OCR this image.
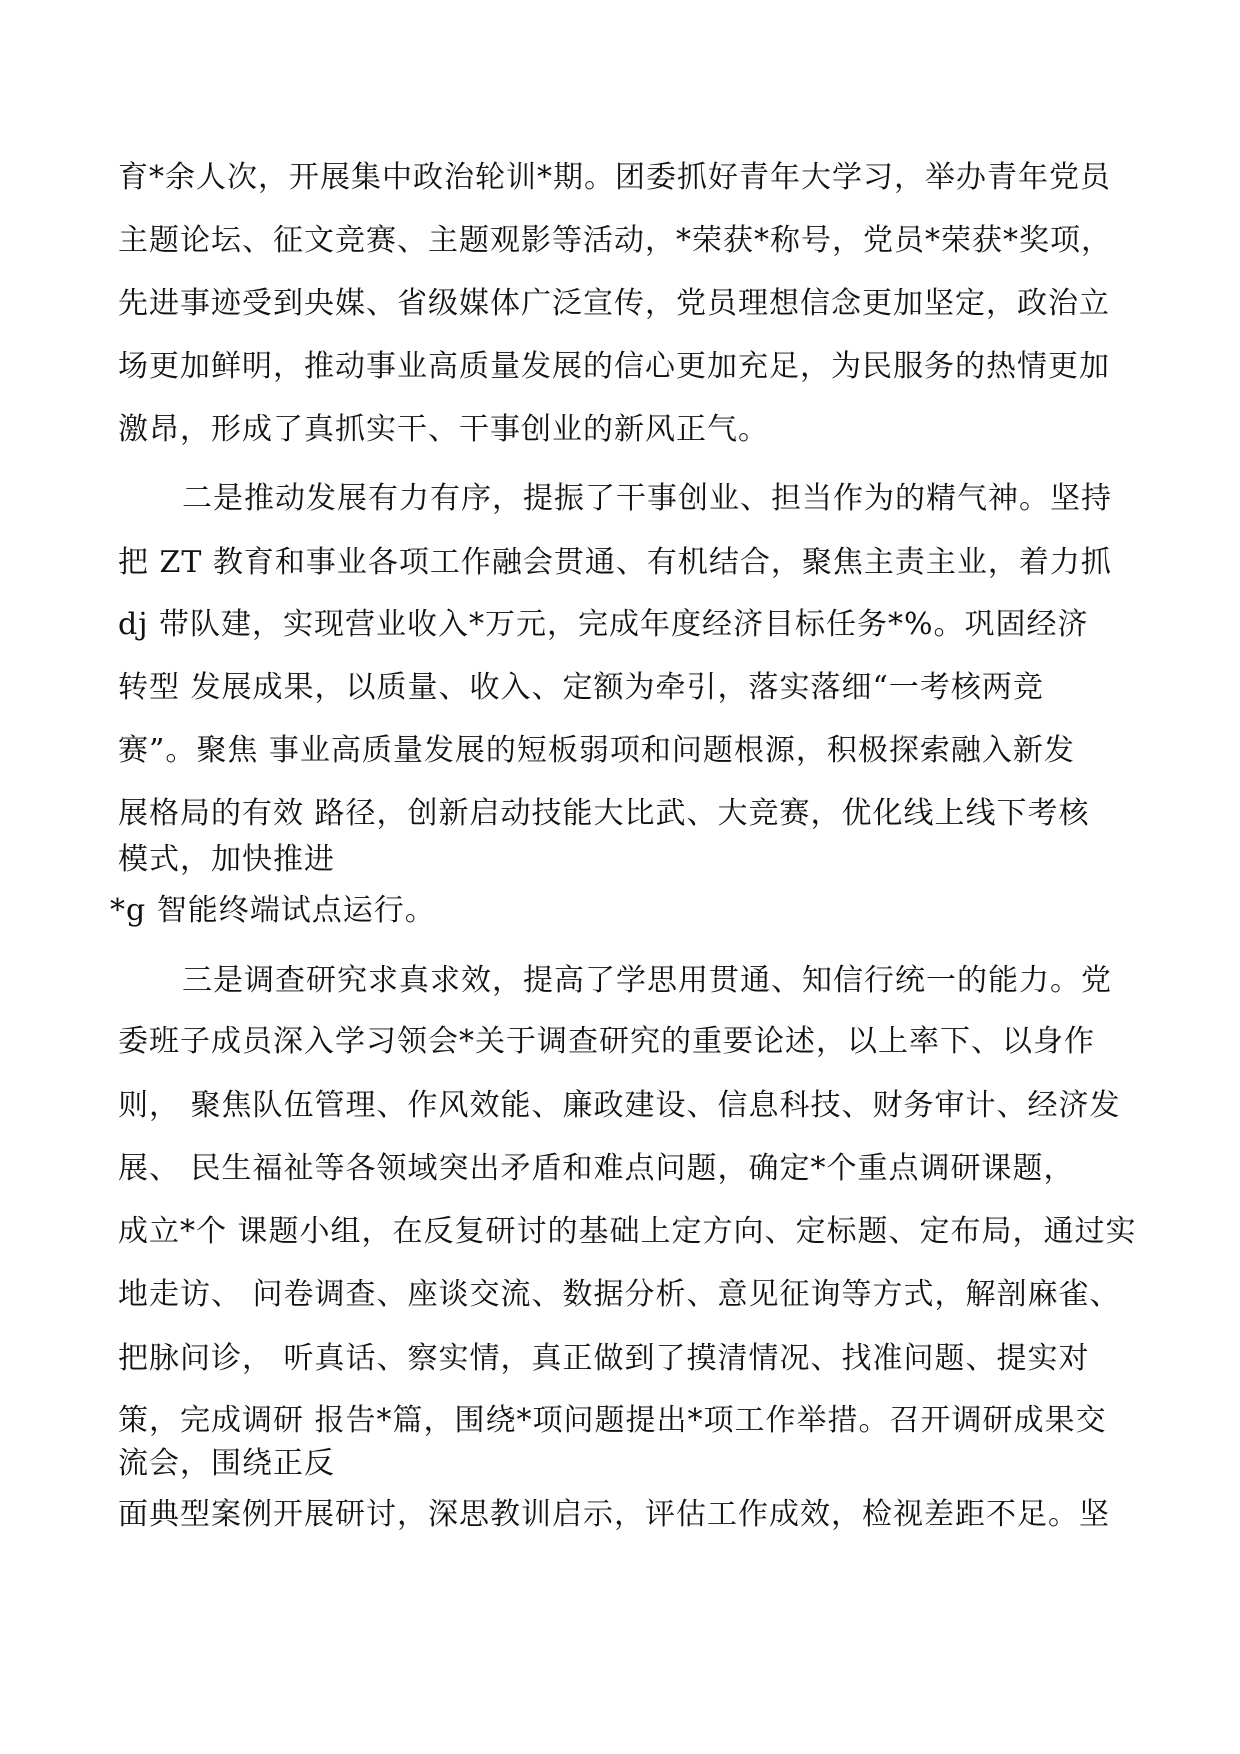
育*余人次，开展集中政治轮训*期。团委抓好青年大学习，举办青年党员
主题论坛、征文竞赛、主题观影等活动，*荣获*称号，党员*荣获*奖项，
先进事迹受到央媒、省级媒体广泛宣传，党员理想信念更加坚定，政治立
场更加鲜明，推动事业高质量发展的信心更加充足，为民服务的热情更加
激昂，形成了真抓实干、干事创业的新风正气。
二是推动发展有力有序，提振了干事创业、担当作为的精气神。坚持
把 ZT 教育和事业各项工作融会贯通、有机结合，聚焦主责主业，着力抓
dj 带队建，实现营业收入*万元，完成年度经济目标任务*%。巩固经济
转型 发展成果，以质量、收入、定额为牵引，落实落细“一考核两竞
赛”。聚焦 事业高质量发展的短板弱项和问题根源，积极探索融入新发
展格局的有效 路径，创新启动技能大比武、大竞赛，优化线上线下考核
模式，加快推进
*g 智能终端试点运行。
三是调查研究求真求效，提高了学思用贯通、知信行统一的能力。党
委班子成员深入学习领会*关于调查研究的重要论述，以上率下、以身作
则， 聚焦队伍管理、作风效能、廉政建设、信息科技、财务审计、经济发
展、 民生福祉等各领域突出矛盾和难点问题，确定*个重点调研课题，
成立*个 课题小组，在反复研讨的基础上定方向、定标题、定布局，通过实
地走访、 问卷调查、座谈交流、数据分析、意见征询等方式，解剖麻雀、
把脉问诊， 听真话、察实情，真正做到了摸清情况、找准问题、提实对
策，完成调研 报告*篇，围绕*项问题提出*项工作举措。召开调研成果交
流会，围绕正反
面典型案例开展研讨，深思教训启示，评估工作成效，检视差距不足。坚
